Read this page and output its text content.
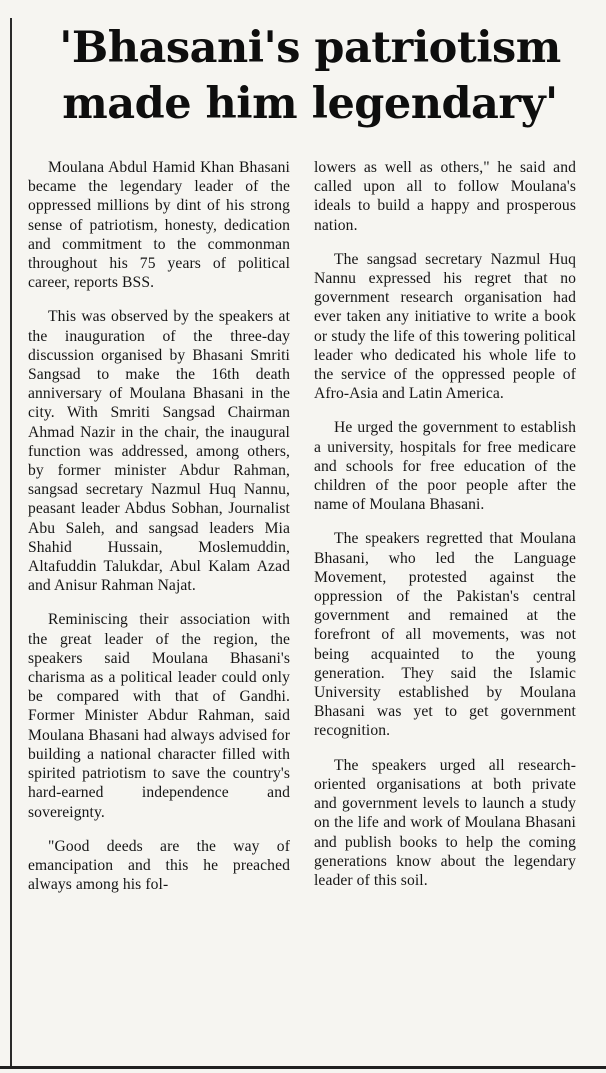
'Bhasani's patriotism made him legendary'

Moulana Abdul Hamid Khan Bhasani became the legendary leader of the oppressed millions by dint of his strong sense of patriotism, honesty, dedication and commitment to the commonman throughout his 75 years of political career, reports BSS.

This was observed by the speakers at the inauguration of the three-day discussion organised by Bhasani Smriti Sangsad to make the 16th death anniversary of Moulana Bhasani in the city. With Smriti Sangsad Chairman Ahmad Nazir in the chair, the inaugural function was addressed, among others, by former minister Abdur Rahman, sangsad secretary Nazmul Huq Nannu, peasant leader Abdus Sobhan, Journalist Abu Saleh, and sangsad leaders Mia Shahid Hussain, Moslemuddin, Altafuddin Talukdar, Abul Kalam Azad and Anisur Rahman Najat.

Reminiscing their association with the great leader of the region, the speakers said Moulana Bhasani's charisma as a political leader could only be compared with that of Gandhi. Former Minister Abdur Rahman, said Moulana Bhasani had always advised for building a national character filled with spirited patriotism to save the country's hard-earned independence and sovereignty.

"Good deeds are the way of emancipation and this he preached always among his fol-

lowers as well as others," he said and called upon all to follow Moulana's ideals to build a happy and prosperous nation.

The sangsad secretary Nazmul Huq Nannu expressed his regret that no government research organisation had ever taken any initiative to write a book or study the life of this towering political leader who dedicated his whole life to the service of the oppressed people of Afro-Asia and Latin America.

He urged the government to establish a university, hospitals for free medicare and schools for free education of the children of the poor people after the name of Moulana Bhasani.

The speakers regretted that Moulana Bhasani, who led the Language Movement, protested against the oppression of the Pakistan's central government and remained at the forefront of all movements, was not being acquainted to the young generation. They said the Islamic University established by Moulana Bhasani was yet to get government recognition.

The speakers urged all research-oriented organisations at both private and government levels to launch a study on the life and work of Moulana Bhasani and publish books to help the coming generations know about the legendary leader of this soil.
